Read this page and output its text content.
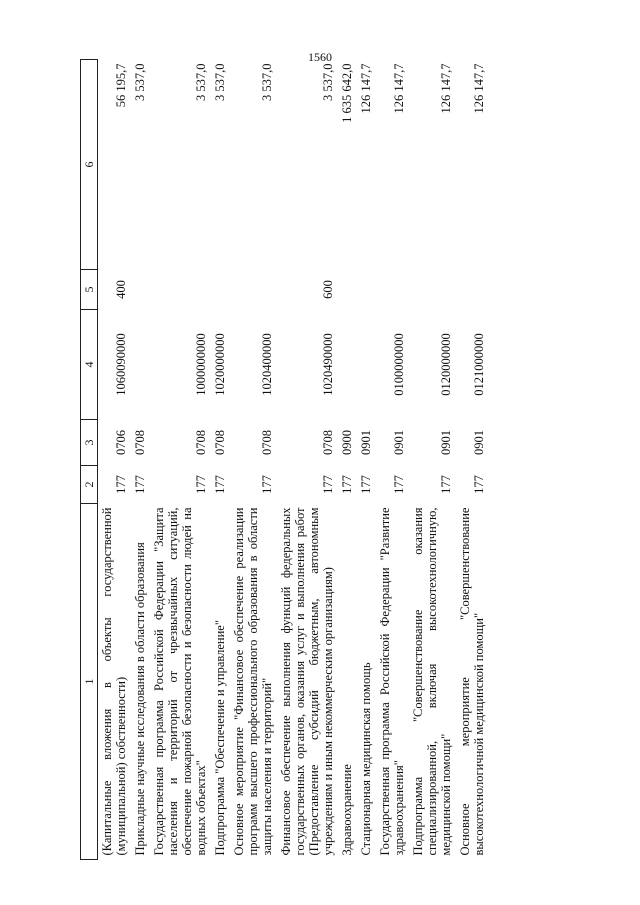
1560
1	2	3	4	5	6
(Капитальные вложения в объекты государственной (муниципальной) собственности)	177	0706	1060090000	400	56 195,7
Прикладные научные исследования в области образования	177	0708			3 537,0
Государственная программа Российской Федерации "Защита населения и территорий от чрезвычайных ситуаций, обеспечение пожарной безопасности и безопасности людей на водных объектах"	177	0708	1000000000		3 537,0
Подпрограмма "Обеспечение и управление"	177	0708	1020000000		3 537,0
Основное мероприятие "Финансовое обеспечение реализации программ высшего профессионального образования в области защиты населения и территорий"	177	0708	1020400000		3 537,0
Финансовое обеспечение выполнения функций федеральных государственных органов, оказания услуг и выполнения работ (Предоставление субсидий бюджетным, автономным учреждениям и иным некоммерческим организациям)	177	0708	1020490000	600	3 537,0
Здравоохранение	177	0900			1 635 642,0
Стационарная медицинская помощь	177	0901			126 147,7
Государственная программа Российской Федерации "Развитие здравоохранения"	177	0901	0100000000		126 147,7
Подпрограмма "Совершенствование оказания специализированной, включая высокотехнологичную, медицинской помощи"	177	0901	0120000000		126 147,7
Основное мероприятие "Совершенствование высокотехнологичной медицинской помощи"	177	0901	0121000000		126 147,7
